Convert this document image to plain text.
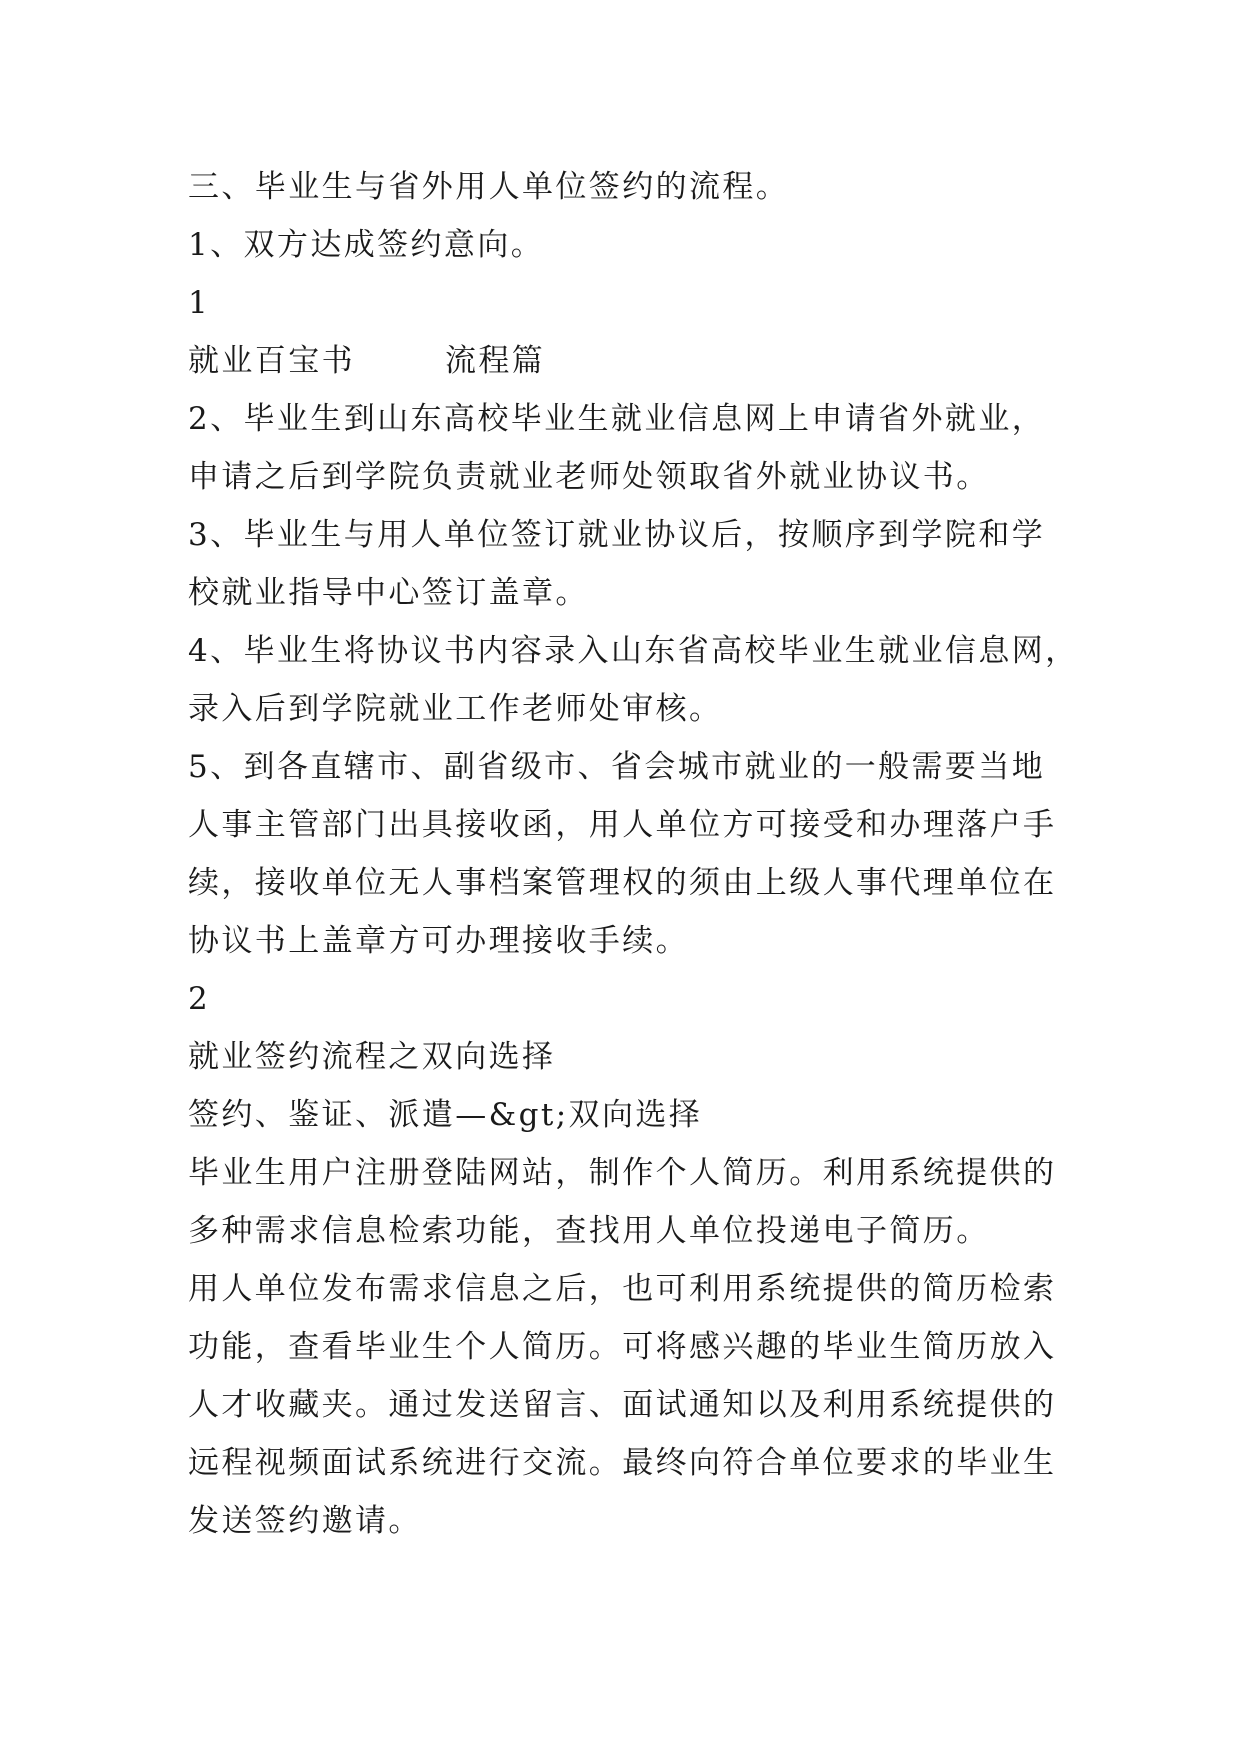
三、毕业生与省外用人单位签约的流程。
1、双方达成签约意向。
1
就业百宝书	流程篇
2、毕业生到山东高校毕业生就业信息网上申请省外就业，
申请之后到学院负责就业老师处领取省外就业协议书。
3、毕业生与用人单位签订就业协议后，按顺序到学院和学
校就业指导中心签订盖章。
4、毕业生将协议书内容录入山东省高校毕业生就业信息网，
录入后到学院就业工作老师处审核。
5、到各直辖市、副省级市、省会城市就业的一般需要当地
人事主管部门出具接收函，用人单位方可接受和办理落户手
续，接收单位无人事档案管理权的须由上级人事代理单位在
协议书上盖章方可办理接收手续。
2
就业签约流程之双向选择
签约、鉴证、派遣—&gt;双向选择
毕业生用户注册登陆网站，制作个人简历。利用系统提供的
多种需求信息检索功能，查找用人单位投递电子简历。
用人单位发布需求信息之后，也可利用系统提供的简历检索
功能，查看毕业生个人简历。可将感兴趣的毕业生简历放入
人才收藏夹。通过发送留言、面试通知以及利用系统提供的
远程视频面试系统进行交流。最终向符合单位要求的毕业生
发送签约邀请。
